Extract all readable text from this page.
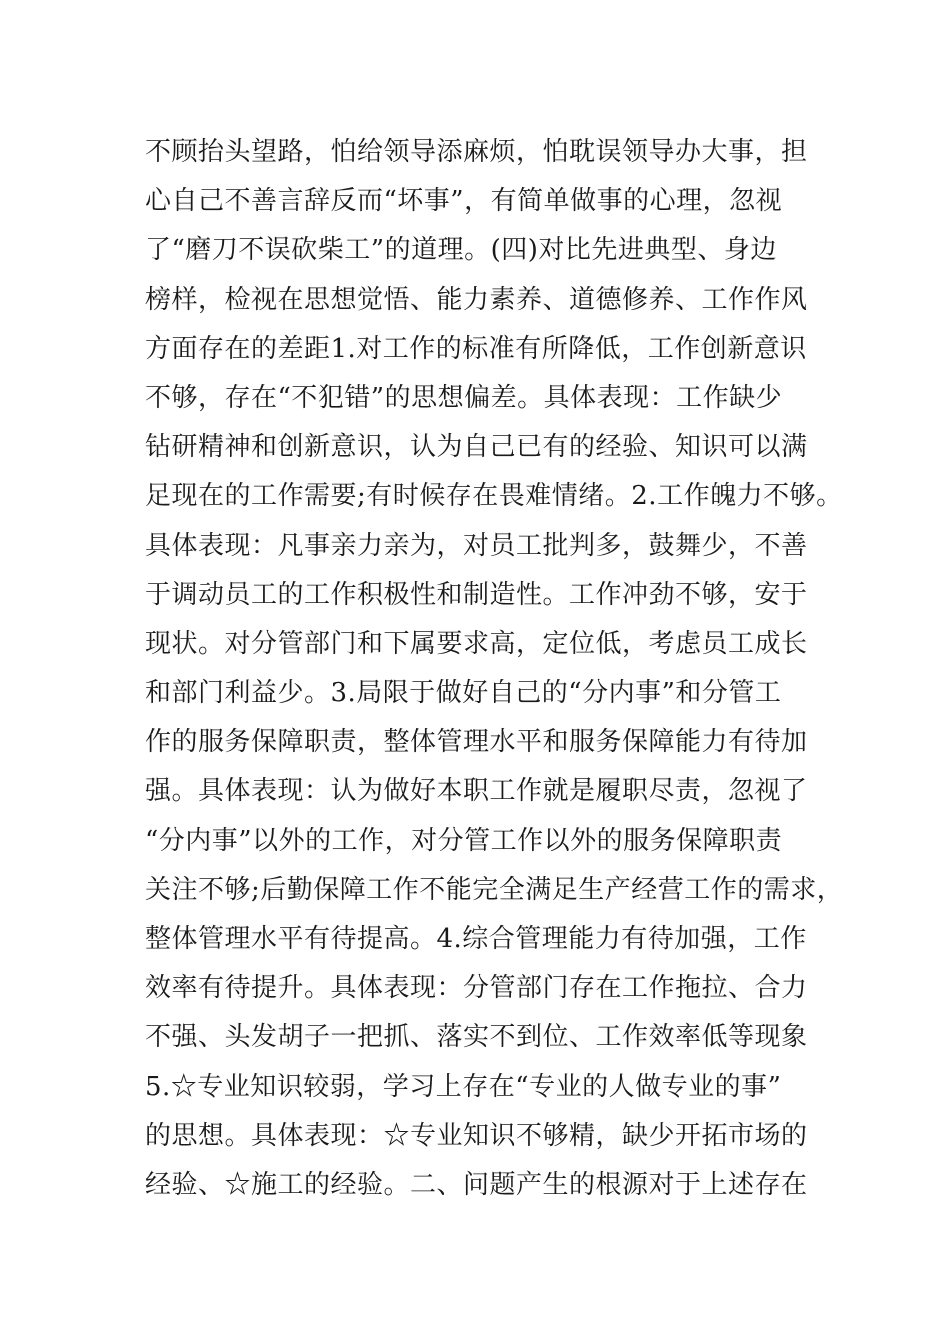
不顾抬头望路，怕给领导添麻烦，怕耽误领导办大事，担
心自己不善言辞反而“坏事”，有简单做事的心理，忽视
了“磨刀不误砍柴工”的道理。(四)对比先进典型、身边
榜样，检视在思想觉悟、能力素养、道德修养、工作作风
方面存在的差距1.对工作的标准有所降低，工作创新意识
不够，存在“不犯错”的思想偏差。具体表现：工作缺少
钻研精神和创新意识，认为自己已有的经验、知识可以满
足现在的工作需要;有时候存在畏难情绪。2.工作魄力不够。
具体表现：凡事亲力亲为，对员工批判多，鼓舞少，不善
于调动员工的工作积极性和制造性。工作冲劲不够，安于
现状。对分管部门和下属要求高，定位低，考虑员工成长
和部门利益少。3.局限于做好自己的“分内事”和分管工
作的服务保障职责，整体管理水平和服务保障能力有待加
强。具体表现：认为做好本职工作就是履职尽责，忽视了
“分内事”以外的工作，对分管工作以外的服务保障职责
关注不够;后勤保障工作不能完全满足生产经营工作的需求，
整体管理水平有待提高。4.综合管理能力有待加强，工作
效率有待提升。具体表现：分管部门存在工作拖拉、合力
不强、头发胡子一把抓、落实不到位、工作效率低等现象
5.☆专业知识较弱，学习上存在“专业的人做专业的事”
的思想。具体表现：☆专业知识不够精，缺少开拓市场的
经验、☆施工的经验。二、问题产生的根源对于上述存在
